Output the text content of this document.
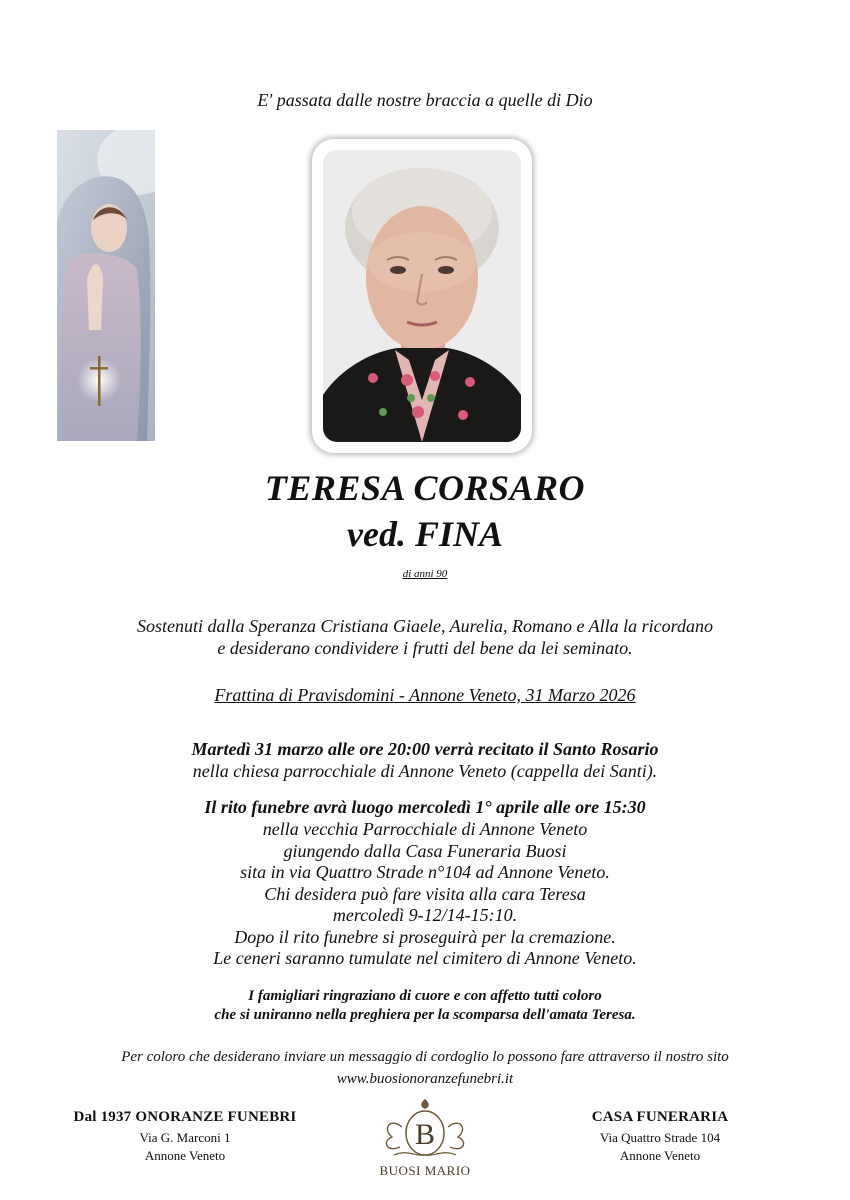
E' passata dalle nostre braccia a quelle di Dio
TERESA CORSARO
ved. FINA
di anni 90
Sostenuti dalla Speranza Cristiana Giaele, Aurelia, Romano e Alla la ricordano
e desiderano condividere i frutti del bene da lei seminato.
Frattina di Pravisdomini - Annone Veneto, 31 Marzo 2026
Martedì 31 marzo alle ore 20:00 verrà recitato il Santo Rosario
nella chiesa parrocchiale di Annone Veneto (cappella dei Santi).
Il rito funebre avrà luogo mercoledì 1° aprile alle ore 15:30
nella vecchia Parrocchiale di Annone Veneto
giungendo dalla Casa Funeraria Buosi
sita in via Quattro Strade n°104 ad Annone Veneto.
Chi desidera può fare visita alla cara Teresa
mercoledì 9-12/14-15:10.
Dopo il rito funebre si proseguirà per la cremazione.
Le ceneri saranno tumulate nel cimitero di Annone Veneto.
I famigliari ringraziano di cuore e con affetto tutti coloro
che si uniranno nella preghiera per la scomparsa dell'amata Teresa.
Per coloro che desiderano inviare un messaggio di cordoglio lo possono fare attraverso il nostro sito
www.buosionoranzefunebri.it
Dal 1937 ONORANZE FUNEBRI
Via G. Marconi 1
Annone Veneto
B
BUOSI MARIO
CASA FUNERARIA
Via Quattro Strade 104
Annone Veneto
